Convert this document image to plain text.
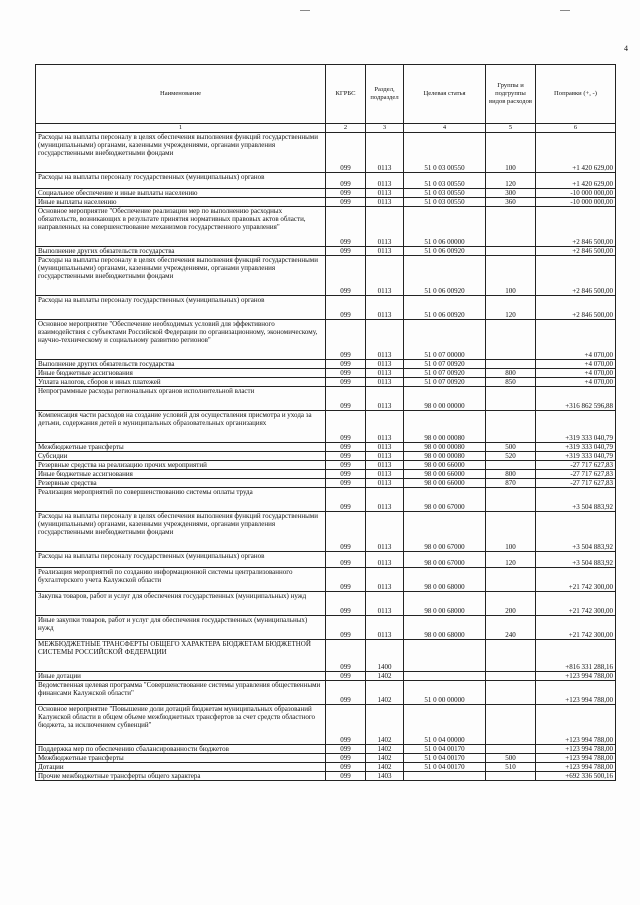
4
Наименование	КГРБС	Раздел, подраздел	Целевая статья	Группы и подгруппы видов расходов	Поправки (+, -)
1	2	3	4	5	6
Расходы на выплаты персоналу в целях обеспечения выполнения функций государственными (муниципальными) органами, казенными учреждениями, органами управления государственными внебюджетными фондами	099	0113	51 0 03 00550	100	+1 420 629,00
Расходы на выплаты персоналу государственных (муниципальных) органов	099	0113	51 0 03 00550	120	+1 420 629,00
Социальное обеспечение и иные выплаты населению	099	0113	51 0 03 00550	300	-10 000 000,00
Иные выплаты населению	099	0113	51 0 03 00550	360	-10 000 000,00
Основное мероприятие "Обеспечение реализации мер по выполнению расходных обязательств, возникающих в результате принятия нормативных правовых актов области, направленных на совершенствование механизмов государственного управления"	099	0113	51 0 06 00000		+2 846 500,00
Выполнение других обязательств государства	099	0113	51 0 06 00920		+2 846 500,00
Расходы на выплаты персоналу в целях обеспечения выполнения функций государственными (муниципальными) органами, казенными учреждениями, органами управления государственными внебюджетными фондами	099	0113	51 0 06 00920	100	+2 846 500,00
Расходы на выплаты персоналу государственных (муниципальных) органов	099	0113	51 0 06 00920	120	+2 846 500,00
Основное мероприятие "Обеспечение необходимых условий для эффективного взаимодействия с субъектами Российской Федерации по организационному, экономическому, научно-техническому и социальному развитию регионов"	099	0113	51 0 07 00000		+4 070,00
Выполнение других обязательств государства	099	0113	51 0 07 00920		+4 070,00
Иные бюджетные ассигнования	099	0113	51 0 07 00920	800	+4 070,00
Уплата налогов, сборов и иных платежей	099	0113	51 0 07 00920	850	+4 070,00
Непрограммные расходы региональных органов исполнительной власти	099	0113	98 0 00 00000		+316 862 596,88
Компенсация части расходов на создание условий для осуществления присмотра и ухода за детьми, содержания детей в муниципальных образовательных организациях	099	0113	98 0 00 00080		+319 333 040,79
Межбюджетные трансферты	099	0113	98 0 00 00080	500	+319 333 040,79
Субсидии	099	0113	98 0 00 00080	520	+319 333 040,79
Резервные средства на реализацию прочих мероприятий	099	0113	98 0 00 66000		-27 717 627,83
Иные бюджетные ассигнования	099	0113	98 0 00 66000	800	-27 717 627,83
Резервные средства	099	0113	98 0 00 66000	870	-27 717 627,83
Реализация мероприятий по совершенствованию системы оплаты труда	099	0113	98 0 00 67000		+3 504 883,92
Расходы на выплаты персоналу в целях обеспечения выполнения функций государственными (муниципальными) органами, казенными учреждениями, органами управления государственными внебюджетными фондами	099	0113	98 0 00 67000	100	+3 504 883,92
Расходы на выплаты персоналу государственных (муниципальных) органов	099	0113	98 0 00 67000	120	+3 504 883,92
Реализация мероприятий по созданию информационной системы централизованного бухгалтерского учета Калужской области	099	0113	98 0 00 68000		+21 742 300,00
Закупка товаров, работ и услуг для обеспечения государственных (муниципальных) нужд	099	0113	98 0 00 68000	200	+21 742 300,00
Иные закупки товаров, работ и услуг для обеспечения государственных (муниципальных) нужд	099	0113	98 0 00 68000	240	+21 742 300,00
МЕЖБЮДЖЕТНЫЕ ТРАНСФЕРТЫ ОБЩЕГО ХАРАКТЕРА БЮДЖЕТАМ БЮДЖЕТНОЙ СИСТЕМЫ РОССИЙСКОЙ ФЕДЕРАЦИИ	099	1400			+816 331 288,16
Иные дотации	099	1402			+123 994 788,00
Ведомственная целевая программа "Совершенствование системы управления общественными финансами Калужской области"	099	1402	51 0 00 00000		+123 994 788,00
Основное мероприятие "Повышение доли дотаций бюджетам муниципальных образований Калужской области в общем объеме межбюджетных трансфертов за счет средств областного бюджета, за исключением субвенций"	099	1402	51 0 04 00000		+123 994 788,00
Поддержка мер по обеспечению сбалансированности бюджетов	099	1402	51 0 04 00170		+123 994 788,00
Межбюджетные трансферты	099	1402	51 0 04 00170	500	+123 994 788,00
Дотации	099	1402	51 0 04 00170	510	+123 994 788,00
Прочие межбюджетные трансферты общего характера	099	1403			+692 336 500,16
